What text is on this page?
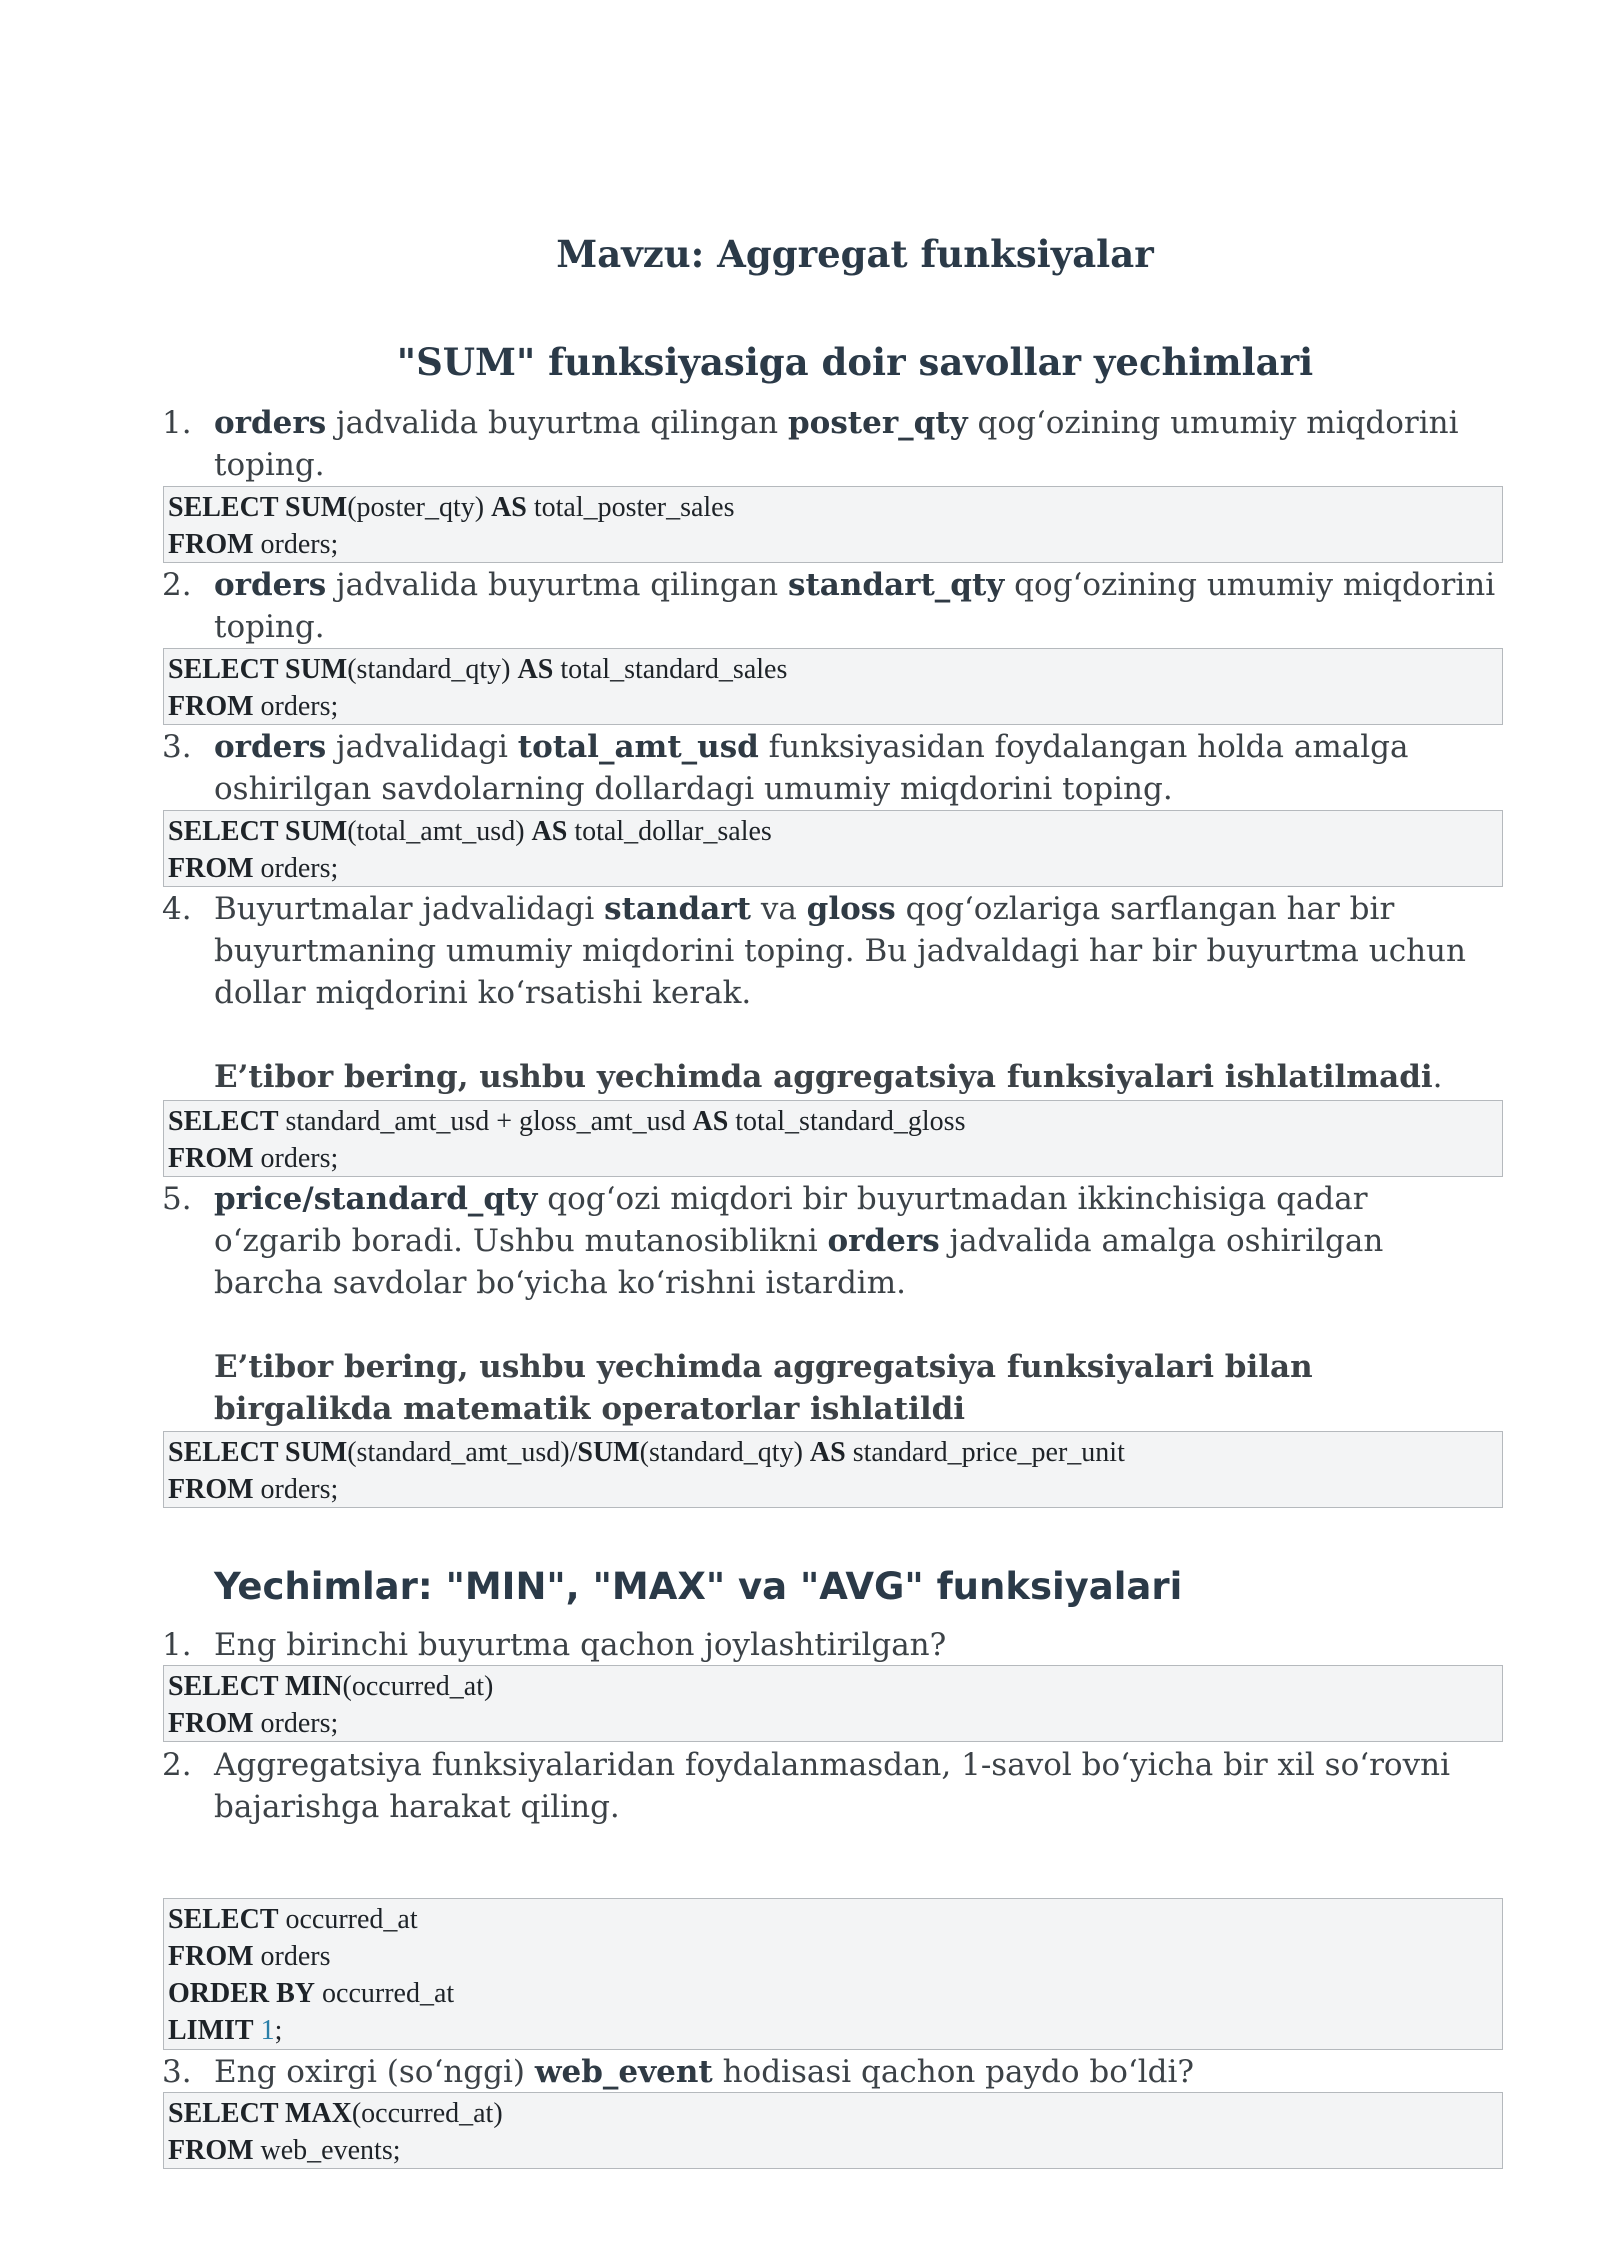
Mavzu: Aggregat funksiyalar
"SUM" funksiyasiga doir savollar yechimlari
1. orders jadvalida buyurtma qilingan poster_qty qog‘ozining umumiy miqdorini toping.
SELECT SUM(poster_qty) AS total_poster_sales
FROM orders;
2. orders jadvalida buyurtma qilingan standart_qty qog‘ozining umumiy miqdorini toping.
SELECT SUM(standard_qty) AS total_standard_sales
FROM orders;
3. orders jadvalidagi total_amt_usd funksiyasidan foydalangan holda amalga oshirilgan savdolarning dollardagi umumiy miqdorini toping.
SELECT SUM(total_amt_usd) AS total_dollar_sales
FROM orders;
4. Buyurtmalar jadvalidagi standart va gloss qog‘ozlariga sarflangan har bir buyurtmaning umumiy miqdorini toping. Bu jadvaldagi har bir buyurtma uchun dollar miqdorini ko‘rsatishi kerak.
E’tibor bering, ushbu yechimda aggregatsiya funksiyalari ishlatilmadi.
SELECT standard_amt_usd + gloss_amt_usd AS total_standard_gloss
FROM orders;
5. price/standard_qty qog‘ozi miqdori bir buyurtmadan ikkinchisiga qadar o‘zgarib boradi. Ushbu mutanosiblikni orders jadvalida amalga oshirilgan barcha savdolar bo‘yicha ko‘rishni istardim.
E’tibor bering, ushbu yechimda aggregatsiya funksiyalari bilan birgalikda matematik operatorlar ishlatildi
SELECT SUM(standard_amt_usd)/SUM(standard_qty) AS standard_price_per_unit
FROM orders;
Yechimlar: "MIN", "MAX" va "AVG" funksiyalari
1. Eng birinchi buyurtma qachon joylashtirilgan?
SELECT MIN(occurred_at)
FROM orders;
2. Aggregatsiya funksiyalaridan foydalanmasdan, 1-savol bo‘yicha bir xil so‘rovni bajarishga harakat qiling.
SELECT occurred_at
FROM orders
ORDER BY occurred_at
LIMIT 1;
3. Eng oxirgi (so‘nggi) web_event hodisasi qachon paydo bo‘ldi?
SELECT MAX(occurred_at)
FROM web_events;
